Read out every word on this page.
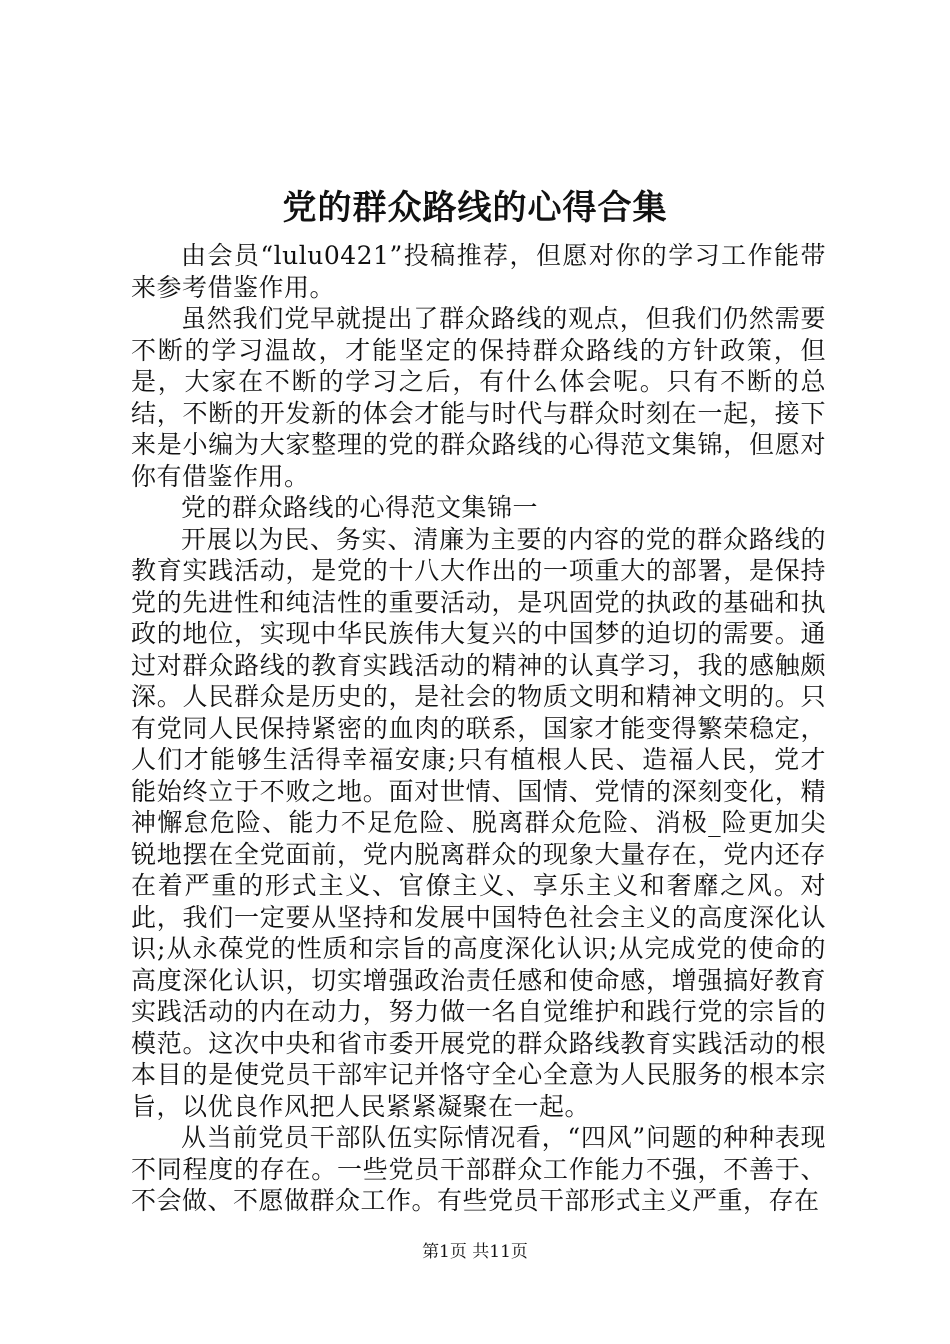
党的群众路线的心得合集

由会员“lulu0421”投稿推荐，但愿对你的学习工作能带来参考借鉴作用。

虽然我们党早就提出了群众路线的观点，但我们仍然需要不断的学习温故，才能坚定的保持群众路线的方针政策，但是，大家在不断的学习之后，有什么体会呢。只有不断的总结，不断的开发新的体会才能与时代与群众时刻在一起，接下来是小编为大家整理的党的群众路线的心得范文集锦，但愿对你有借鉴作用。

党的群众路线的心得范文集锦一

开展以为民、务实、清廉为主要的内容的党的群众路线的教育实践活动，是党的十八大作出的一项重大的部署，是保持党的先进性和纯洁性的重要活动，是巩固党的执政的基础和执政的地位，实现中华民族伟大复兴的中国梦的迫切的需要。通过对群众路线的教育实践活动的精神的认真学习，我的感触颇深。人民群众是历史的，是社会的物质文明和精神文明的。只有党同人民保持紧密的血肉的联系，国家才能变得繁荣稳定，人们才能够生活得幸福安康;只有植根人民、造福人民，党才能始终立于不败之地。面对世情、国情、党情的深刻变化，精神懈怠危险、能力不足危险、脱离群众危险、消极_险更加尖锐地摆在全党面前，党内脱离群众的现象大量存在，党内还存在着严重的形式主义、官僚主义、享乐主义和奢靡之风。对此，我们一定要从坚持和发展中国特色社会主义的高度深化认识;从永葆党的性质和宗旨的高度深化认识;从完成党的使命的高度深化认识，切实增强政治责任感和使命感，增强搞好教育实践活动的内在动力，努力做一名自觉维护和践行党的宗旨的模范。这次中央和省市委开展党的群众路线教育实践活动的根本目的是使党员干部牢记并恪守全心全意为人民服务的根本宗旨，以优良作风把人民紧紧凝聚在一起。

从当前党员干部队伍实际情况看，“四风”问题的种种表现不同程度的存在。一些党员干部群众工作能力不强，不善于、不会做、不愿做群众工作。有些党员干部形式主义严重，存在

第1页 共11页
